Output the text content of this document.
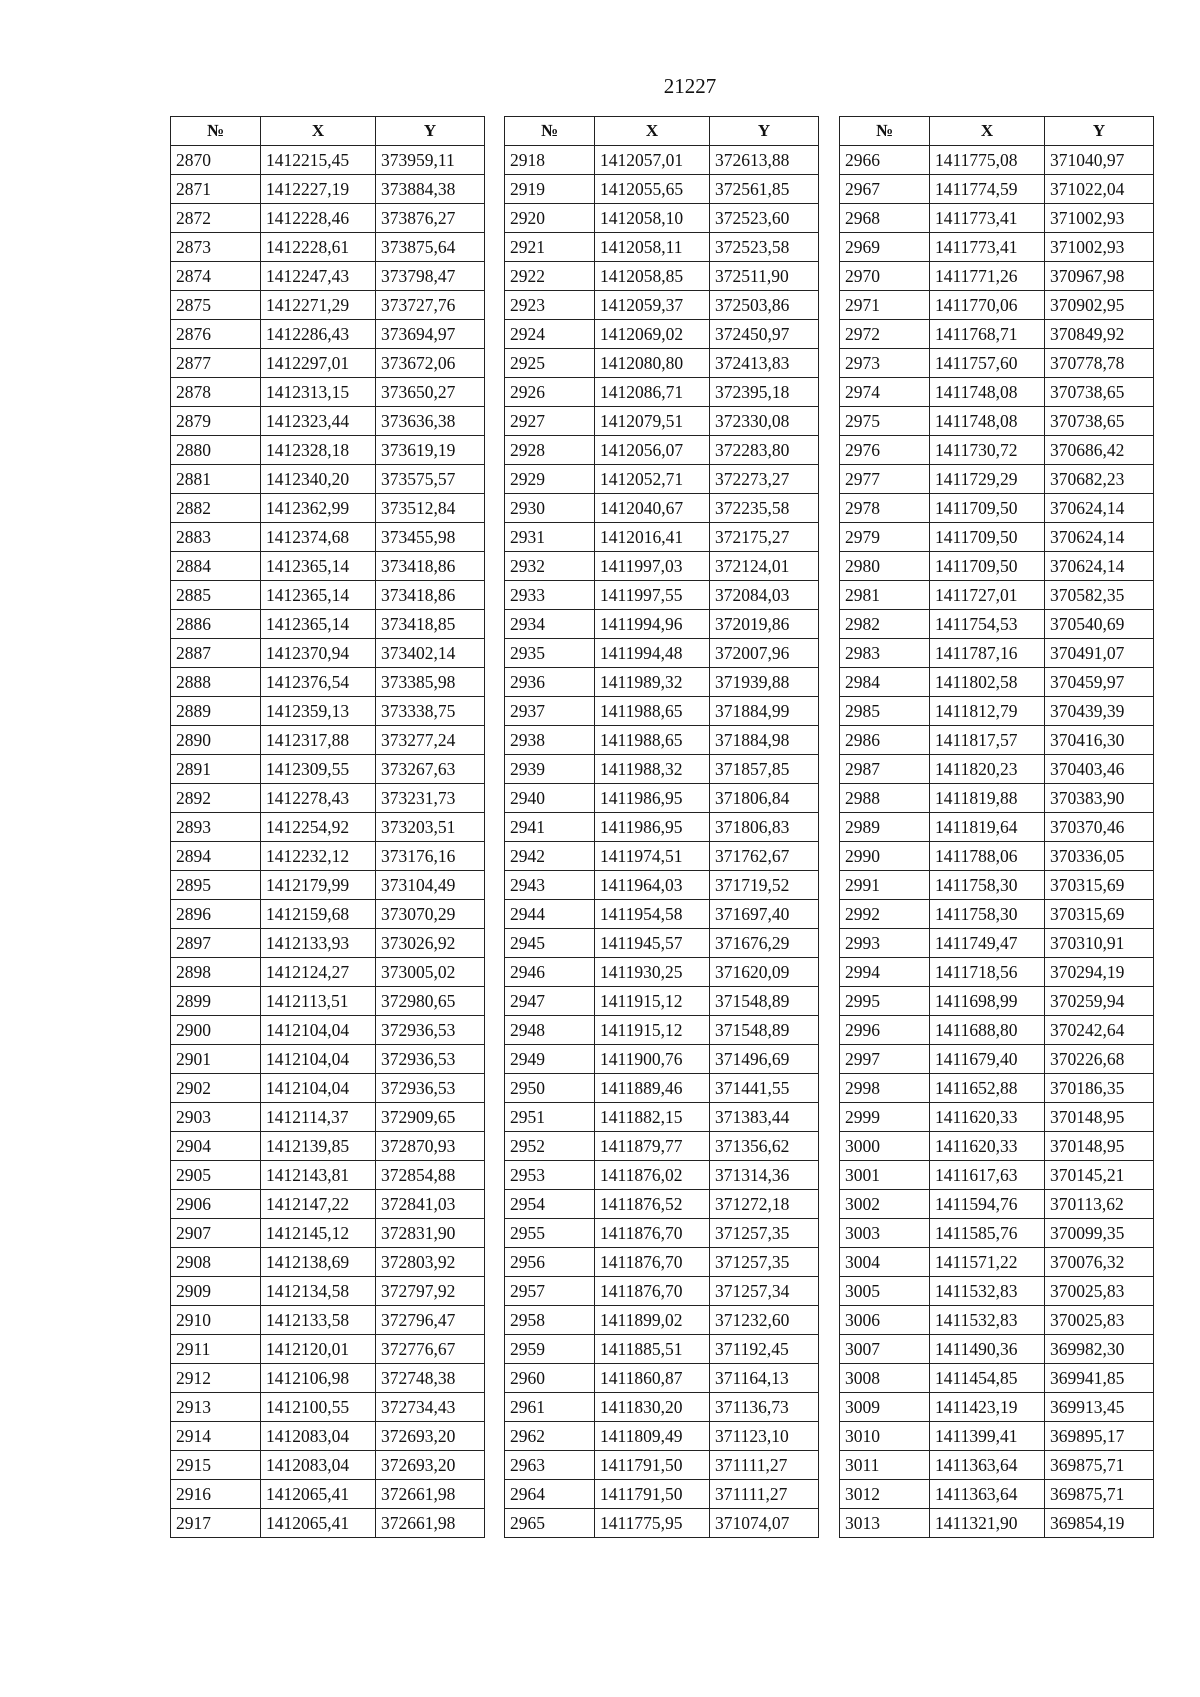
21227
№	X	Y
2870	1412215,45	373959,11
2871	1412227,19	373884,38
2872	1412228,46	373876,27
2873	1412228,61	373875,64
2874	1412247,43	373798,47
2875	1412271,29	373727,76
2876	1412286,43	373694,97
2877	1412297,01	373672,06
2878	1412313,15	373650,27
2879	1412323,44	373636,38
2880	1412328,18	373619,19
2881	1412340,20	373575,57
2882	1412362,99	373512,84
2883	1412374,68	373455,98
2884	1412365,14	373418,86
2885	1412365,14	373418,86
2886	1412365,14	373418,85
2887	1412370,94	373402,14
2888	1412376,54	373385,98
2889	1412359,13	373338,75
2890	1412317,88	373277,24
2891	1412309,55	373267,63
2892	1412278,43	373231,73
2893	1412254,92	373203,51
2894	1412232,12	373176,16
2895	1412179,99	373104,49
2896	1412159,68	373070,29
2897	1412133,93	373026,92
2898	1412124,27	373005,02
2899	1412113,51	372980,65
2900	1412104,04	372936,53
2901	1412104,04	372936,53
2902	1412104,04	372936,53
2903	1412114,37	372909,65
2904	1412139,85	372870,93
2905	1412143,81	372854,88
2906	1412147,22	372841,03
2907	1412145,12	372831,90
2908	1412138,69	372803,92
2909	1412134,58	372797,92
2910	1412133,58	372796,47
2911	1412120,01	372776,67
2912	1412106,98	372748,38
2913	1412100,55	372734,43
2914	1412083,04	372693,20
2915	1412083,04	372693,20
2916	1412065,41	372661,98
2917	1412065,41	372661,98
№	X	Y
2918	1412057,01	372613,88
2919	1412055,65	372561,85
2920	1412058,10	372523,60
2921	1412058,11	372523,58
2922	1412058,85	372511,90
2923	1412059,37	372503,86
2924	1412069,02	372450,97
2925	1412080,80	372413,83
2926	1412086,71	372395,18
2927	1412079,51	372330,08
2928	1412056,07	372283,80
2929	1412052,71	372273,27
2930	1412040,67	372235,58
2931	1412016,41	372175,27
2932	1411997,03	372124,01
2933	1411997,55	372084,03
2934	1411994,96	372019,86
2935	1411994,48	372007,96
2936	1411989,32	371939,88
2937	1411988,65	371884,99
2938	1411988,65	371884,98
2939	1411988,32	371857,85
2940	1411986,95	371806,84
2941	1411986,95	371806,83
2942	1411974,51	371762,67
2943	1411964,03	371719,52
2944	1411954,58	371697,40
2945	1411945,57	371676,29
2946	1411930,25	371620,09
2947	1411915,12	371548,89
2948	1411915,12	371548,89
2949	1411900,76	371496,69
2950	1411889,46	371441,55
2951	1411882,15	371383,44
2952	1411879,77	371356,62
2953	1411876,02	371314,36
2954	1411876,52	371272,18
2955	1411876,70	371257,35
2956	1411876,70	371257,35
2957	1411876,70	371257,34
2958	1411899,02	371232,60
2959	1411885,51	371192,45
2960	1411860,87	371164,13
2961	1411830,20	371136,73
2962	1411809,49	371123,10
2963	1411791,50	371111,27
2964	1411791,50	371111,27
2965	1411775,95	371074,07
№	X	Y
2966	1411775,08	371040,97
2967	1411774,59	371022,04
2968	1411773,41	371002,93
2969	1411773,41	371002,93
2970	1411771,26	370967,98
2971	1411770,06	370902,95
2972	1411768,71	370849,92
2973	1411757,60	370778,78
2974	1411748,08	370738,65
2975	1411748,08	370738,65
2976	1411730,72	370686,42
2977	1411729,29	370682,23
2978	1411709,50	370624,14
2979	1411709,50	370624,14
2980	1411709,50	370624,14
2981	1411727,01	370582,35
2982	1411754,53	370540,69
2983	1411787,16	370491,07
2984	1411802,58	370459,97
2985	1411812,79	370439,39
2986	1411817,57	370416,30
2987	1411820,23	370403,46
2988	1411819,88	370383,90
2989	1411819,64	370370,46
2990	1411788,06	370336,05
2991	1411758,30	370315,69
2992	1411758,30	370315,69
2993	1411749,47	370310,91
2994	1411718,56	370294,19
2995	1411698,99	370259,94
2996	1411688,80	370242,64
2997	1411679,40	370226,68
2998	1411652,88	370186,35
2999	1411620,33	370148,95
3000	1411620,33	370148,95
3001	1411617,63	370145,21
3002	1411594,76	370113,62
3003	1411585,76	370099,35
3004	1411571,22	370076,32
3005	1411532,83	370025,83
3006	1411532,83	370025,83
3007	1411490,36	369982,30
3008	1411454,85	369941,85
3009	1411423,19	369913,45
3010	1411399,41	369895,17
3011	1411363,64	369875,71
3012	1411363,64	369875,71
3013	1411321,90	369854,19
